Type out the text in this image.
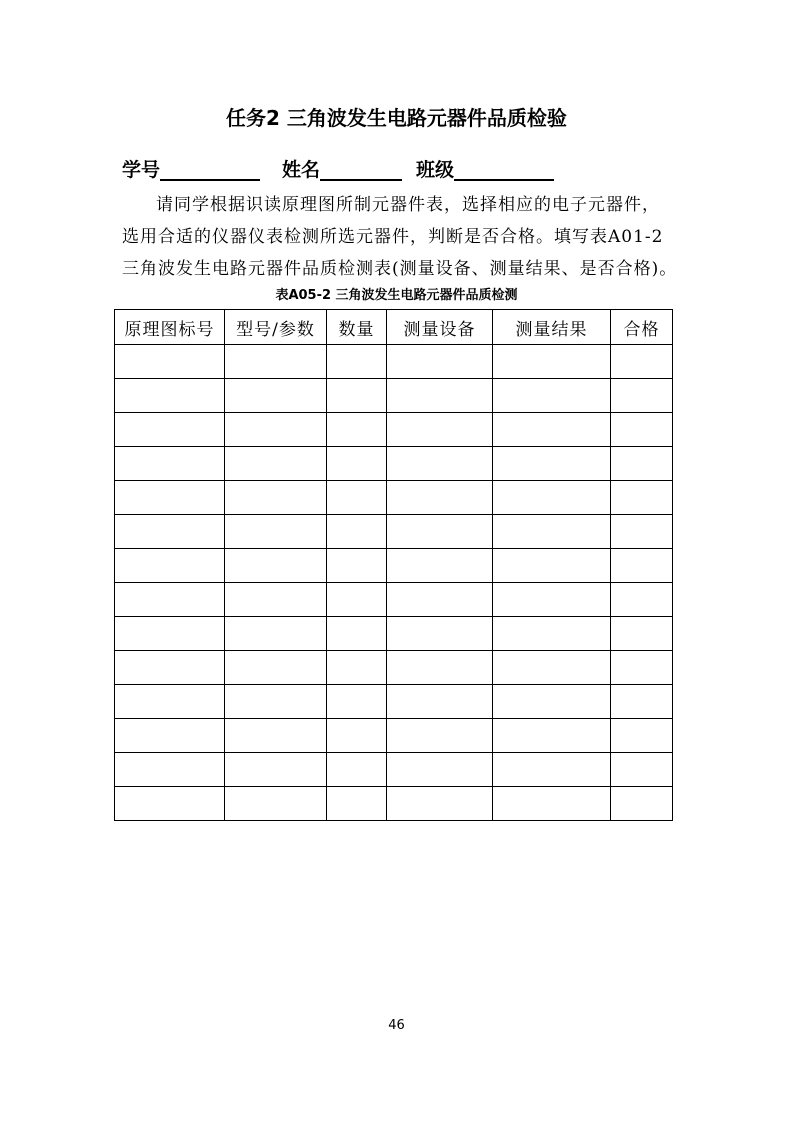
任务2 三角波发生电路元器件品质检验
学号	姓名	班级
请同学根据识读原理图所制元器件表，选择相应的电子元器件，
选用合适的仪器仪表检测所选元器件，判断是否合格。填写表A01-2
三角波发生电路元器件品质检测表(测量设备、测量结果、是否合格)。
表A05-2 三角波发生电路元器件品质检测
原理图标号	型号/参数	数量	测量设备	测量结果	合格

46
